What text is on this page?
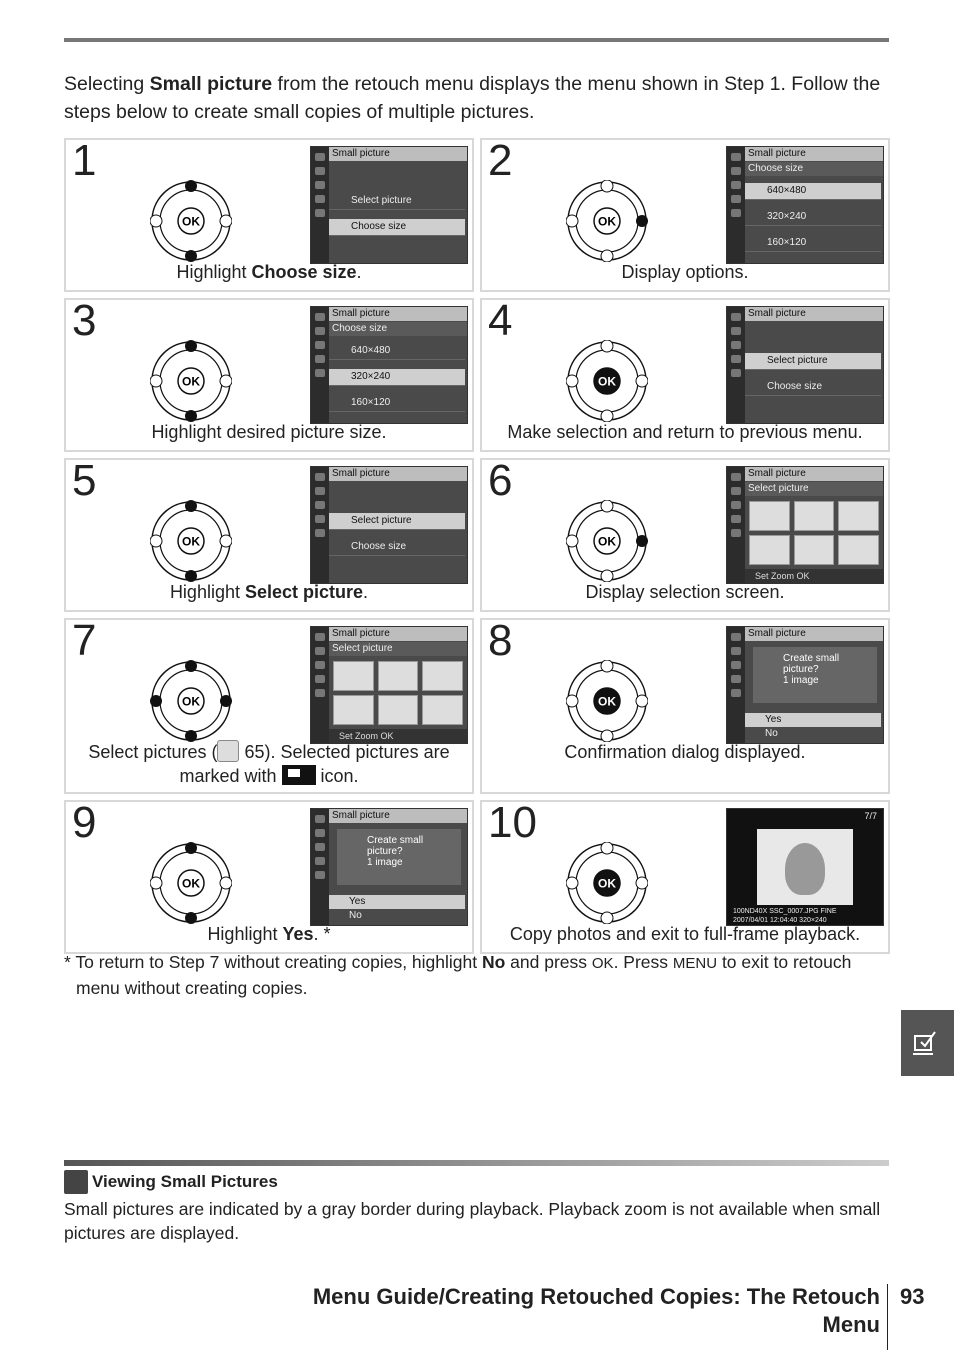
Selecting Small picture from the retouch menu displays the menu shown in Step 1. Follow the steps below to create small copies of multiple pictures.

1
OK
Small picture
Select picture
Choose size
Highlight Choose size.
2
OK
Small picture
Choose size
640×480
320×240
160×120
Display options.
3
OK
Small picture
Choose size
640×480
320×240
160×120
Highlight desired picture size.
4
OK
Small picture
Select picture
Choose size
Make selection and return to previous menu.
5
OK
Small picture
Select picture
Choose size
Highlight Select picture.
6
OK
Small picture
Select picture
Set Zoom OK
Display selection screen.
7
OK
Small picture
Select picture
Set Zoom OK
Select pictures ( 65). Selected pictures are
marked with  icon.
8
OK
Small picture
Create small picture?
1 image
Yes
No
Confirmation dialog displayed.
9
OK
Small picture
Create small picture?
1 image
Yes
No
Highlight Yes. *
10
OK
7/7
100ND40X SSC_0007.JPG FINE
2007/04/01 12:04:40 320×240
Copy photos and exit to full-frame playback.

* To return to Step 7 without creating copies, highlight No and press OK. Press MENU to exit to retouch menu without creating copies.

Viewing Small Pictures

Small pictures are indicated by a gray border during playback. Playback zoom is not available when small pictures are displayed.

Menu Guide/Creating Retouched Copies: The Retouch Menu
93
